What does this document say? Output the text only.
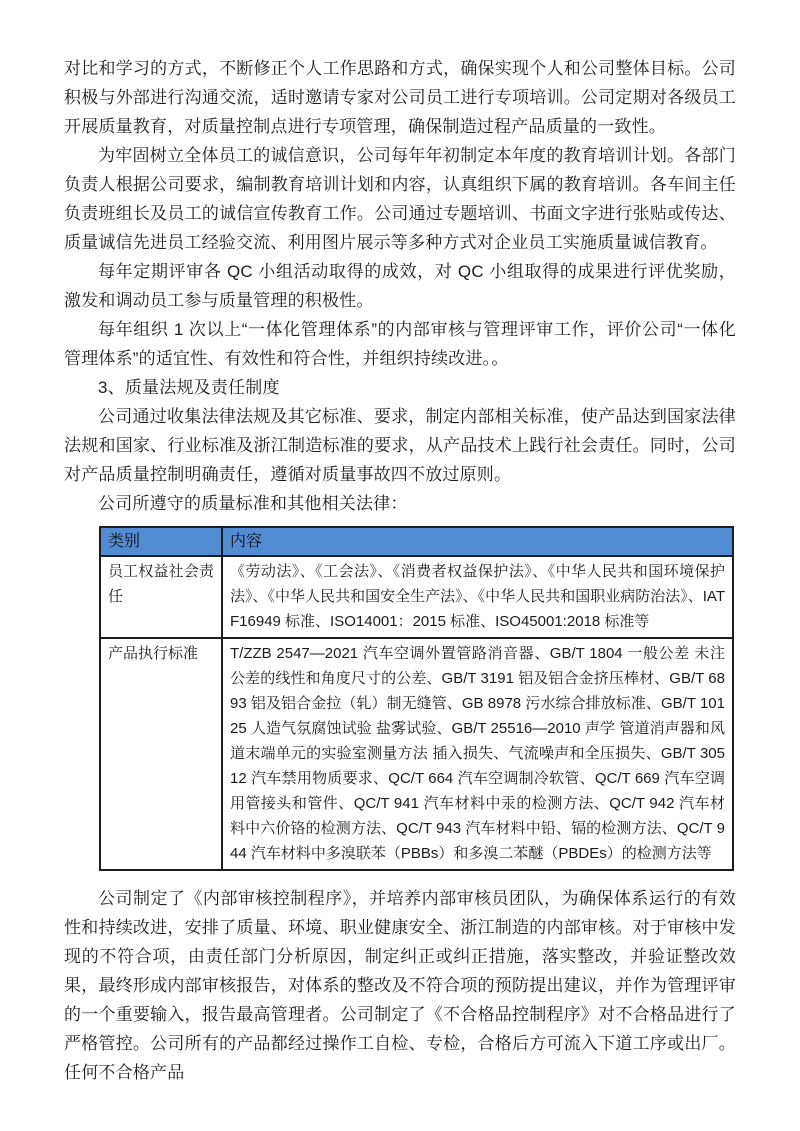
对比和学习的方式，不断修正个人工作思路和方式，确保实现个人和公司整体目标。公司积极与外部进行沟通交流，适时邀请专家对公司员工进行专项培训。公司定期对各级员工开展质量教育，对质量控制点进行专项管理，确保制造过程产品质量的一致性。

为牢固树立全体员工的诚信意识，公司每年年初制定本年度的教育培训计划。各部门负责人根据公司要求，编制教育培训计划和内容，认真组织下属的教育培训。各车间主任负责班组长及员工的诚信宣传教育工作。公司通过专题培训、书面文字进行张贴或传达、质量诚信先进员工经验交流、利用图片展示等多种方式对企业员工实施质量诚信教育。

每年定期评审各 QC 小组活动取得的成效，对 QC 小组取得的成果进行评优奖励，激发和调动员工参与质量管理的积极性。

每年组织 1 次以上“一体化管理体系”的内部审核与管理评审工作，评价公司“一体化管理体系”的适宜性、有效性和符合性，并组织持续改进。。

3、质量法规及责任制度

公司通过收集法律法规及其它标准、要求，制定内部相关标准，使产品达到国家法律法规和国家、行业标准及浙江制造标准的要求，从产品技术上践行社会责任。同时，公司对产品质量控制明确责任，遵循对质量事故四不放过原则。

公司所遵守的质量标准和其他相关法律：

类别	内容
员工权益社会责任	《劳动法》、《工会法》、《消费者权益保护法》、《中华人民共和国环境保护法》、《中华人民共和国安全生产法》、《中华人民共和国职业病防治法》、IATF16949 标准、ISO14001：2015 标准、ISO45001:2018 标准等
产品执行标准	T/ZZB 2547—2021 汽车空调外置管路消音器、GB/T 1804 一般公差 未注公差的线性和角度尺寸的公差、GB/T 3191 铝及铝合金挤压棒材、GB/T 6893 铝及铝合金拉（轧）制无缝管、GB 8978 污水综合排放标准、GB/T 10125 人造气氛腐蚀试验 盐雾试验、GB/T 25516—2010 声学 管道消声器和风道末端单元的实验室测量方法 插入损失、气流噪声和全压损失、GB/T 30512 汽车禁用物质要求、QC/T 664 汽车空调制冷软管、QC/T 669 汽车空调用管接头和管件、QC/T 941 汽车材料中汞的检测方法、QC/T 942 汽车材料中六价铬的检测方法、QC/T 943 汽车材料中铅、镉的检测方法、QC/T 944 汽车材料中多溴联苯（PBBs）和多溴二苯醚（PBDEs）的检测方法等

公司制定了《内部审核控制程序》，并培养内部审核员团队，为确保体系运行的有效性和持续改进，安排了质量、环境、职业健康安全、浙江制造的内部审核。对于审核中发现的不符合项，由责任部门分析原因，制定纠正或纠正措施，落实整改，并验证整改效果，最终形成内部审核报告，对体系的整改及不符合项的预防提出建议，并作为管理评审的一个重要输入，报告最高管理者。公司制定了《不合格品控制程序》对不合格品进行了严格管控。公司所有的产品都经过操作工自检、专检，合格后方可流入下道工序或出厂。任何不合格产品
